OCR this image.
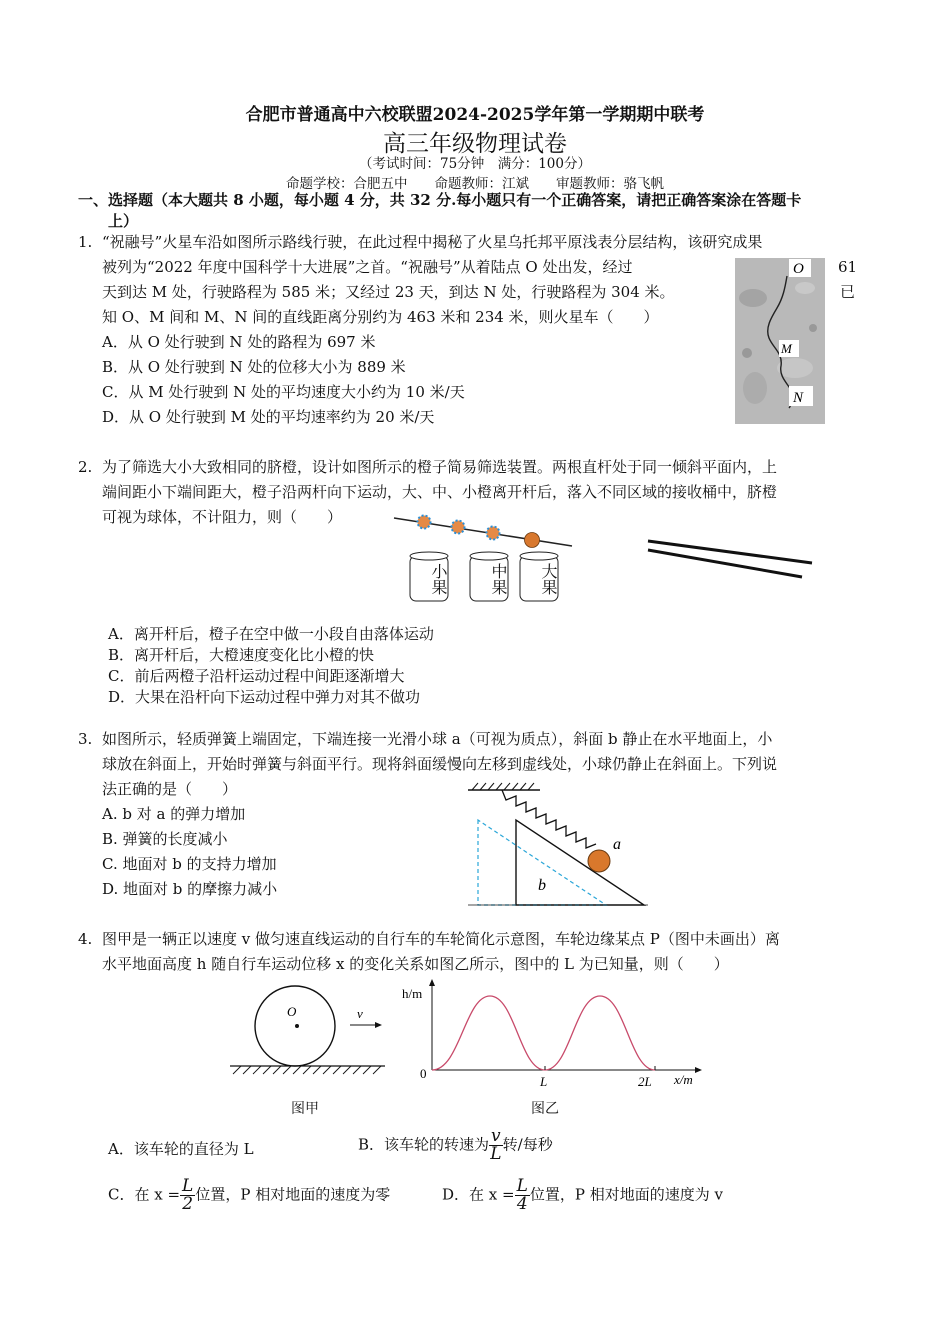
合肥市普通高中六校联盟2024-2025学年第一学期期中联考
高三年级物理试卷
（考试时间：75分钟　满分：100分）
命题学校：合肥五中　　命题教师：江斌　　审题教师：骆飞帆
一、选择题（本大题共 8 小题，每小题 4 分，共 32 分.每小题只有一个正确答案，请把正确答案涂在答题卡
上）
1. “祝融号”火星车沿如图所示路线行驶，在此过程中揭秘了火星乌托邦平原浅表分层结构，该研究成果
被列为“2022 年度中国科学十大进展”之首。“祝融号”从着陆点 O 处出发，经过	61
天到达 M 处，行驶路程为 585 米；又经过 23 天，到达 N 处，行驶路程为 304 米。	已
知 O、M 间和 M、N 间的直线距离分别约为 463 米和 234 米，则火星车（　　）
A．从 O 处行驶到 N 处的路程为 697 米
B．从 O 处行驶到 N 处的位移大小为 889 米
C．从 M 处行驶到 N 处的平均速度大小约为 10 米/天
D．从 O 处行驶到 M 处的平均速率约为 20 米/天
O
M
N
2. 为了筛选大小大致相同的脐橙，设计如图所示的橙子简易筛选装置。两根直杆处于同一倾斜平面内，上
端间距小下端间距大，橙子沿两杆向下运动，大、中、小橙离开杆后，落入不同区域的接收桶中，脐橙
可视为球体，不计阻力，则（　　）
小果	中果	大果
A．离开杆后，橙子在空中做一小段自由落体运动
B．离开杆后，大橙速度变化比小橙的快
C．前后两橙子沿杆运动过程中间距逐渐增大
D．大果在沿杆向下运动过程中弹力对其不做功
3. 如图所示，轻质弹簧上端固定，下端连接一光滑小球 a（可视为质点），斜面 b 静止在水平地面上，小
球放在斜面上，开始时弹簧与斜面平行。现将斜面缓慢向左移到虚线处，小球仍静止在斜面上。下列说
法正确的是（　　）
A. b 对 a 的弹力增加
B. 弹簧的长度减小
C. 地面对 b 的支持力增加
D. 地面对 b 的摩擦力减小
a
b
4. 图甲是一辆正以速度 v 做匀速直线运动的自行车的车轮简化示意图，车轮边缘某点 P（图中未画出）离
水平地面高度 h 随自行车运动位移 x 的变化关系如图乙所示，图中的 L 为已知量，则（　　）
O	v
图甲
h/m
x/m
0
L	2L
图乙
A．该车轮的直径为 L	B．该车轮的转速为 $\frac{v}{L}$ 转/每秒
C．在 $x = \frac{L}{2}$ 位置，P 相对地面的速度为零	D．在 $x = \frac{L}{4}$ 位置，P 相对地面的速度为 v
